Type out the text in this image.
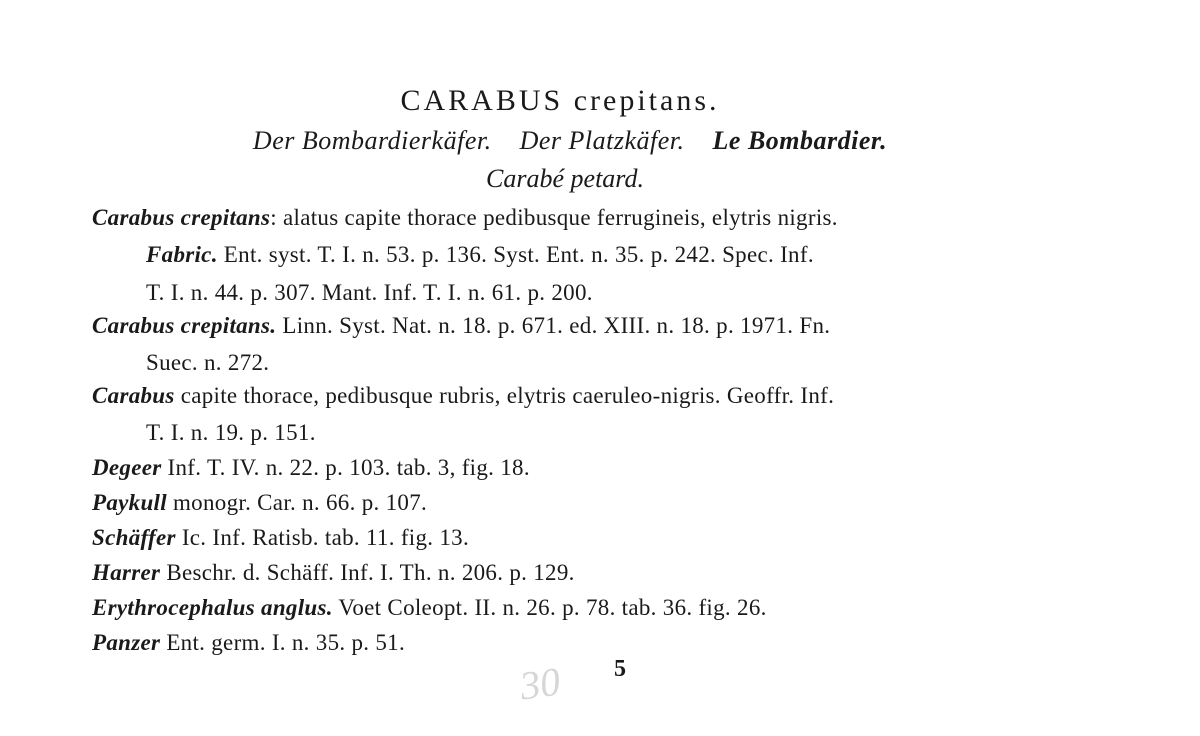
CARABUS crepitans.
Der Bombardierkäfer. Der Platzkäfer. Le Bombardier.
Carabé petard.
Carabus crepitans: alatus capite thorace pedibusque ferrugineis, elytris nigris.
Fabric. Ent. syst. T. I. n. 53. p. 136. Syst. Ent. n. 35. p. 242. Spec. Inf.
T. I. n. 44. p. 307. Mant. Inf. T. I. n. 61. p. 200.
Carabus crepitans. Linn. Syst. Nat. n. 18. p. 671. ed. XIII. n. 18. p. 1971. Fn.
Suec. n. 272.
Carabus capite thorace, pedibusque rubris, elytris caeruleo-nigris. Geoffr. Inf.
T. I. n. 19. p. 151.
Degeer Inf. T. IV. n. 22. p. 103. tab. 3, fig. 18.
Paykull monogr. Car. n. 66. p. 107.
Schäffer Ic. Inf. Ratisb. tab. 11. fig. 13.
Harrer Beschr. d. Schäff. Inf. I. Th. n. 206. p. 129.
Erythrocephalus anglus. Voet Coleopt. II. n. 26. p. 78. tab. 36. fig. 26.
Panzer Ent. germ. I. n. 35. p. 51.
30 5
